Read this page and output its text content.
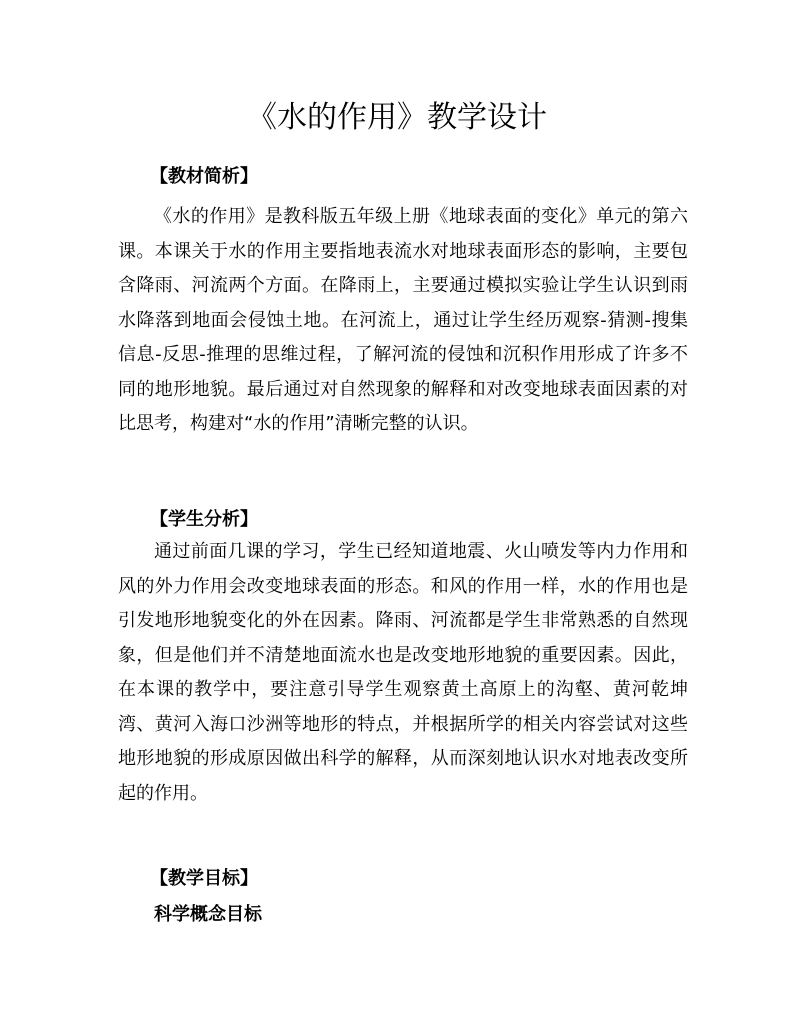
《水的作用》教学设计
【教材简析】
《水的作用》是教科版五年级上册《地球表面的变化》单元的第六课。本课关于水的作用主要指地表流水对地球表面形态的影响，主要包含降雨、河流两个方面。在降雨上，主要通过模拟实验让学生认识到雨水降落到地面会侵蚀土地。在河流上，通过让学生经历观察-猜测-搜集信息-反思-推理的思维过程，了解河流的侵蚀和沉积作用形成了许多不同的地形地貌。最后通过对自然现象的解释和对改变地球表面因素的对比思考，构建对“水的作用”清晰完整的认识。
【学生分析】
通过前面几课的学习，学生已经知道地震、火山喷发等内力作用和风的外力作用会改变地球表面的形态。和风的作用一样，水的作用也是引发地形地貌变化的外在因素。降雨、河流都是学生非常熟悉的自然现象，但是他们并不清楚地面流水也是改变地形地貌的重要因素。因此，在本课的教学中，要注意引导学生观察黄土高原上的沟壑、黄河乾坤湾、黄河入海口沙洲等地形的特点，并根据所学的相关内容尝试对这些地形地貌的形成原因做出科学的解释，从而深刻地认识水对地表改变所起的作用。
【教学目标】
科学概念目标
